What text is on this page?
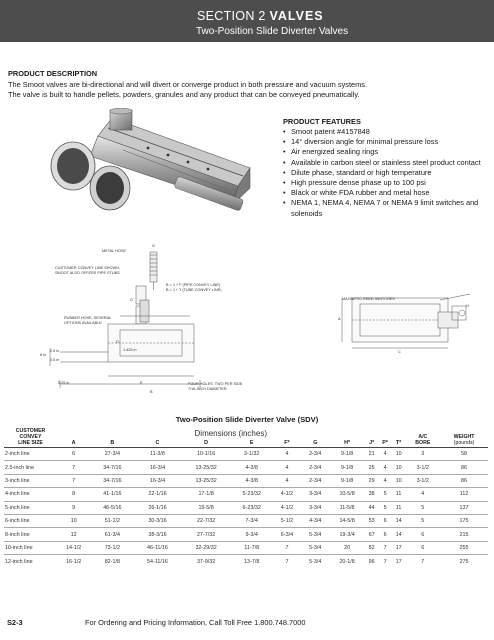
SECTION 2 VALVES
Two-Position Slide Diverter Valves
PRODUCT DESCRIPTION
The Smoot valves are bi-directional and will divert or converge product in both pressure and vacuum systems.
The valve is built to handle pellets, powders, granules and any product that can be conveyed pneumatically.
PRODUCT FEATURES
• Smoot patent #4157848
• 14° diversion angle for minimal pressure loss
• Air energized sealing rings
• Available in carbon steel or stainless steel product contact
• Dilute phase, standard or high temperature
• High pressure dense phase up to 100 psi
• Black or white FDA rubber and metal hose
• NEMA 1, NEMA 4, NEMA 7 or NEMA 9 limit switches and solenoids
METAL HOSE
G
CUSTOMER CONVEY LINE SHOWN,
SMOOT ALSO OFFERS PIPE STUBS
B = J + F (PIPE CONVEY LINE)
B = J + T (TUBE CONVEY LINE)
G
RUBBER HOSE, SEVERAL
OPTIONS AVAILABLE
D
1.425 in
0.5 in
0.5 in
8 in
5.25 in	E
B
FOUR HOLES, TWO PER SIDE
7/16-INCH DIAMETER
MAGNETIC REED SWITCHES
A
C
H
Two-Position Slide Diverter Valve (SDV)
CUSTOMER
CONVEY
LINE SIZE	Dimensions (inches)											A/C
BORE	WEIGHT
(pounds)
	A	B	C	D	E	F*	G	H*	J*	P*	T*		
2-inch line	6	27-3/4	11-3/8	10-1/16	3-1/32	4	2-3/4	9-1/8	21	4	10	3	58
2.5-inch line	7	34-7/16	16-3/4	13-25/32	4-3/8	4	2-3/4	9-1/8	25	4	10	3-1/2	86
3-inch line	7	34-7/16	16-3/4	13-25/32	4-3/8	4	2-3/4	9-1/8	29	4	10	3-1/2	86
4-inch line	8	41-1/16	22-1/16	17-1/8	5-23/32	4-1/2	3-3/4	10-5/8	38	5	11	4	112
5-inch line	9	46-5/16	26-1/16	19-5/8	6-23/32	4-1/2	3-3/4	11-5/8	44	5	11	5	137
6-inch line	10	51-1/2	30-3/16	22-7/32	7-3/4	5-1/2	4-3/4	14-5/8	53	6	14	5	175
8-inch line	12	61-3/4	38-3/16	27-7/32	9-3/4	6-3/4	5-3/4	19-3/4	67	6	14	6	215
10-inch line	14-1/2	73-1/2	46-11/16	32-29/32	11-7/8	7	5-3/4	20	82	7	17	6	255
12-inch line	16-1/2	82-1/8	54-11/16	37-9/32	13-7/8	7	5-3/4	20-1/8	96	7	17	7	275
S2-3	For Ordering and Pricing Information, Call Toll Free 1.800.748.7000
